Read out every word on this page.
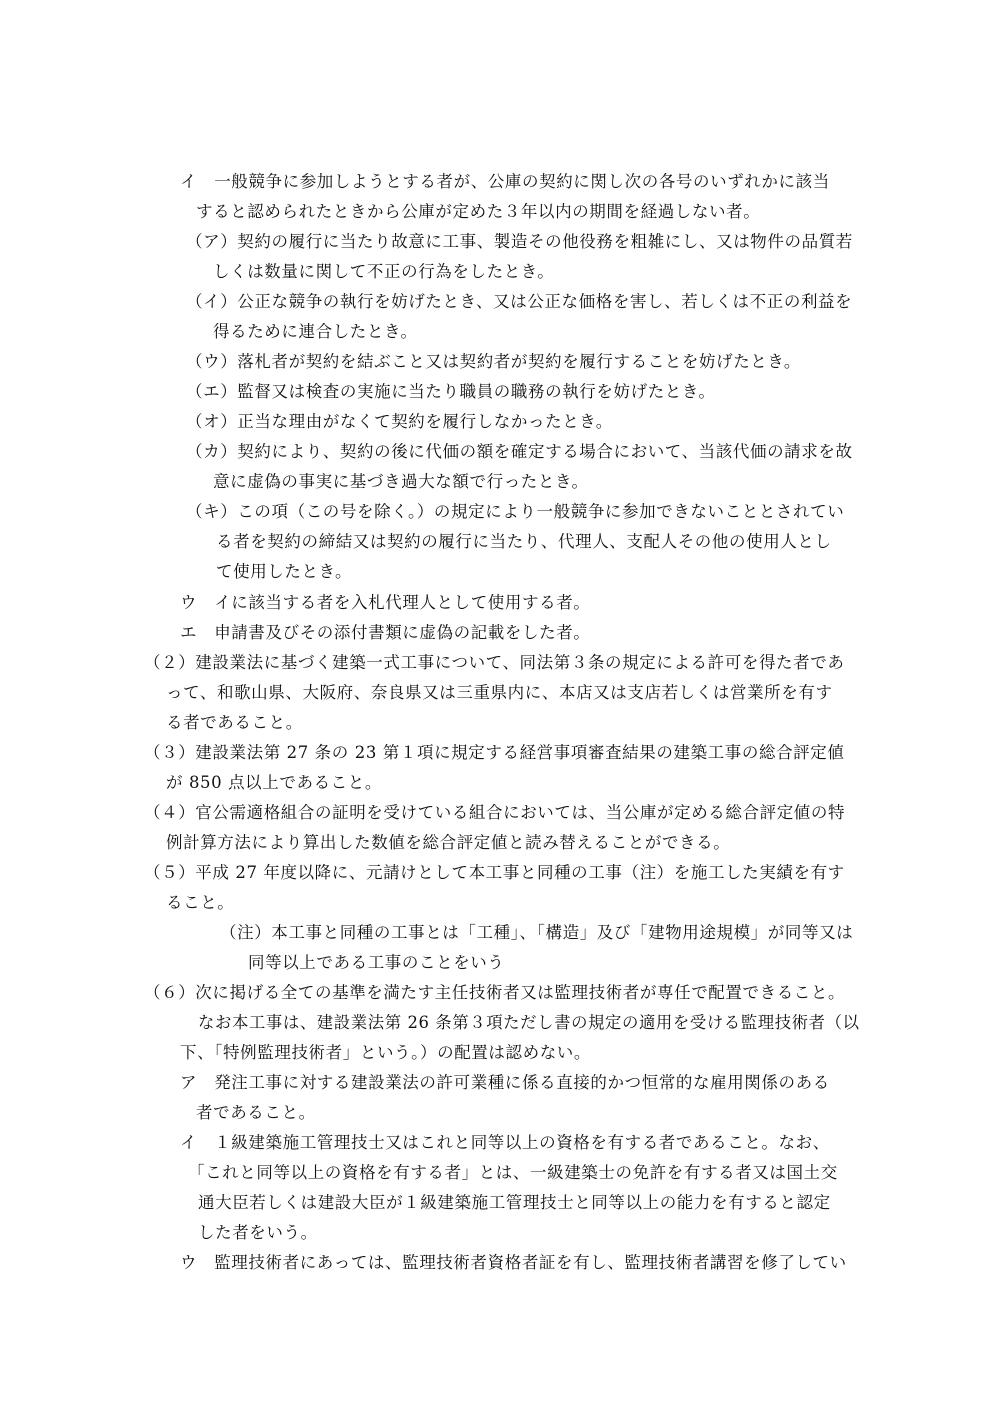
イ　一般競争に参加しようとする者が、公庫の契約に関し次の各号のいずれかに該当
すると認められたときから公庫が定めた３年以内の期間を経過しない者。
（ア）契約の履行に当たり故意に工事、製造その他役務を粗雑にし、又は物件の品質若
しくは数量に関して不正の行為をしたとき。
（イ）公正な競争の執行を妨げたとき、又は公正な価格を害し、若しくは不正の利益を
得るために連合したとき。
（ウ）落札者が契約を結ぶこと又は契約者が契約を履行することを妨げたとき。
（エ）監督又は検査の実施に当たり職員の職務の執行を妨げたとき。
（オ）正当な理由がなくて契約を履行しなかったとき。
（カ）契約により、契約の後に代価の額を確定する場合において、当該代価の請求を故
意に虚偽の事実に基づき過大な額で行ったとき。
（キ）この項（この号を除く。）の規定により一般競争に参加できないこととされてい
る者を契約の締結又は契約の履行に当たり、代理人、支配人その他の使用人とし
て使用したとき。
ウ　イに該当する者を入札代理人として使用する者。
エ　申請書及びその添付書類に虚偽の記載をした者。
（２）建設業法に基づく建築一式工事について、同法第３条の規定による許可を得た者であ
って、和歌山県、大阪府、奈良県又は三重県内に、本店又は支店若しくは営業所を有す
る者であること。
（３）建設業法第 27 条の 23 第１項に規定する経営事項審査結果の建築工事の総合評定値
が 850 点以上であること。
（４）官公需適格組合の証明を受けている組合においては、当公庫が定める総合評定値の特
例計算方法により算出した数値を総合評定値と読み替えることができる。
（５）平成 27 年度以降に、元請けとして本工事と同種の工事（注）を施工した実績を有す
ること。
（注）本工事と同種の工事とは「工種」、「構造」及び「建物用途規模」が同等又は
同等以上である工事のことをいう
（６）次に掲げる全ての基準を満たす主任技術者又は監理技術者が専任で配置できること。
なお本工事は、建設業法第 26 条第３項ただし書の規定の適用を受ける監理技術者（以
下、「特例監理技術者」という。）の配置は認めない。
ア　発注工事に対する建設業法の許可業種に係る直接的かつ恒常的な雇用関係のある
者であること。
イ　１級建築施工管理技士又はこれと同等以上の資格を有する者であること。なお、
「これと同等以上の資格を有する者」とは、一級建築士の免許を有する者又は国土交
通大臣若しくは建設大臣が１級建築施工管理技士と同等以上の能力を有すると認定
した者をいう。
ウ　監理技術者にあっては、監理技術者資格者証を有し、監理技術者講習を修了してい
